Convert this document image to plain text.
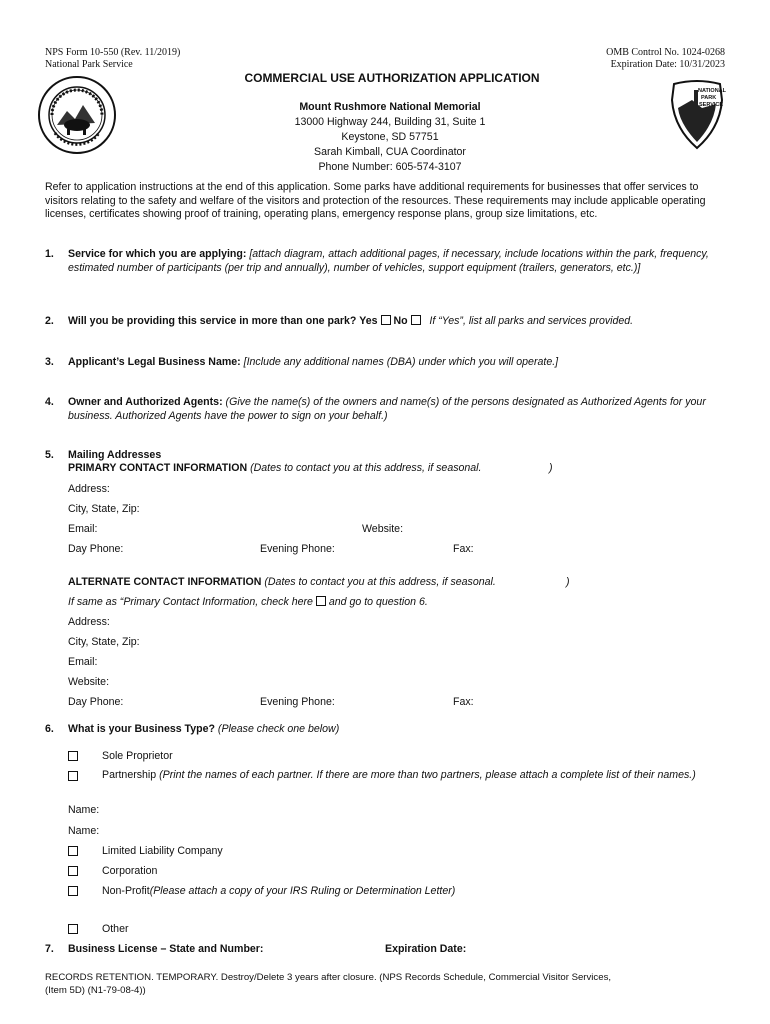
NPS Form 10-550 (Rev. 11/2019)
National Park Service
OMB Control No. 1024-0268
Expiration Date: 10/31/2023
COMMERCIAL USE AUTHORIZATION APPLICATION
Mount Rushmore National Memorial
13000 Highway 244, Building 31, Suite 1
Keystone, SD 57751
Sarah Kimball, CUA Coordinator
Phone Number: 605-574-3107
NATIONAL
PARK
SERVICE
Refer to application instructions at the end of this application. Some parks have additional requirements for businesses that offer services to visitors relating to the safety and welfare of the visitors and protection of the resources. These requirements may include applicable operating licenses, certificates showing proof of training, operating plans, emergency response plans, group size limitations, etc.
1. Service for which you are applying: [attach diagram, attach additional pages, if necessary, include locations within the park, frequency, estimated number of participants (per trip and annually), number of vehicles, support equipment (trailers, generators, etc.)]
2. Will you be providing this service in more than one park? Yes No If “Yes”, list all parks and services provided.
3. Applicant’s Legal Business Name: [Include any additional names (DBA) under which you will operate.]
4. Owner and Authorized Agents: (Give the name(s) of the owners and name(s) of the persons designated as Authorized Agents for your business. Authorized Agents have the power to sign on your behalf.)
5. Mailing Addresses
PRIMARY CONTACT INFORMATION (Dates to contact you at this address, if seasonal.	)
Address:
City, State, Zip:
Email:	Website:
Day Phone:	Evening Phone:	Fax:
ALTERNATE CONTACT INFORMATION (Dates to contact you at this address, if seasonal.	)
If same as “Primary Contact Information, check here and go to question 6.
Address:
City, State, Zip:
Email:
Website:
Day Phone:	Evening Phone:	Fax:
6. What is your Business Type? (Please check one below)
Sole Proprietor
Partnership (Print the names of each partner. If there are more than two partners, please attach a complete list of their names.)
Name:
Name:
Limited Liability Company
Corporation
Non-Profit(Please attach a copy of your IRS Ruling or Determination Letter)
Other
7. Business License – State and Number:	Expiration Date:
RECORDS RETENTION. TEMPORARY. Destroy/Delete 3 years after closure. (NPS Records Schedule, Commercial Visitor Services,
(Item 5D) (N1-79-08-4))
